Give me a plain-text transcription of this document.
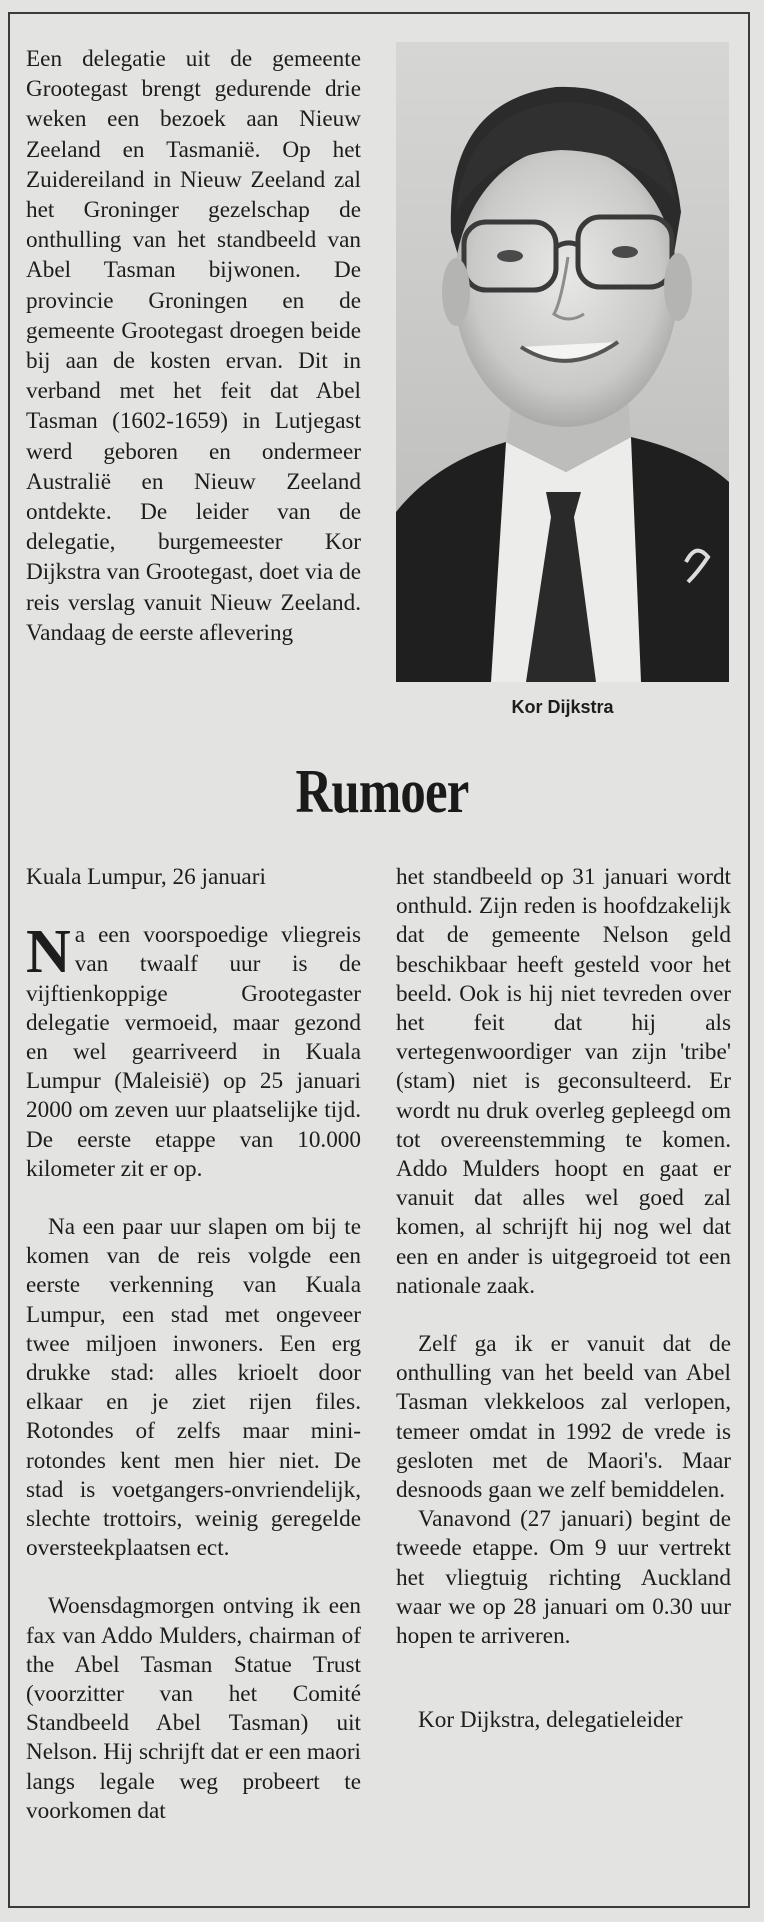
Een delegatie uit de gemeente Grootegast brengt gedurende drie weken een bezoek aan Nieuw Zeeland en Tasmanië. Op het Zuidereiland in Nieuw Zeeland zal het Groninger gezelschap de onthulling van het standbeeld van Abel Tasman bijwonen. De provincie Groningen en de gemeente Grootegast droegen beide bij aan de kosten ervan. Dit in verband met het feit dat Abel Tasman (1602-1659) in Lutjegast werd geboren en ondermeer Australië en Nieuw Zeeland ontdekte. De leider van de delegatie, burgemeester Kor Dijkstra van Grootegast, doet via de reis verslag vanuit Nieuw Zeeland. Vandaag de eerste aflevering

Kor Dijkstra
Rumoer

Kuala Lumpur, 26 januari

Na een voorspoedige vliegreis van twaalf uur is de vijftienkoppige Grootegaster delegatie vermoeid, maar gezond en wel gearriveerd in Kuala Lumpur (Maleisië) op 25 januari 2000 om zeven uur plaatselijke tijd. De eerste etappe van 10.000 kilometer zit er op.

Na een paar uur slapen om bij te komen van de reis volgde een eerste verkenning van Kuala Lumpur, een stad met ongeveer twee miljoen inwoners. Een erg drukke stad: alles krioelt door elkaar en je ziet rijen files. Rotondes of zelfs maar mini-rotondes kent men hier niet. De stad is voetgangers-onvriendelijk, slechte trottoirs, weinig geregelde oversteekplaatsen ect.

Woensdagmorgen ontving ik een fax van Addo Mulders, chairman of the Abel Tasman Statue Trust (voorzitter van het Comité Standbeeld Abel Tasman) uit Nelson. Hij schrijft dat er een maori langs legale weg probeert te voorkomen dat

het standbeeld op 31 januari wordt onthuld. Zijn reden is hoofdzakelijk dat de gemeente Nelson geld beschikbaar heeft gesteld voor het beeld. Ook is hij niet tevreden over het feit dat hij als vertegenwoordiger van zijn 'tribe' (stam) niet is geconsulteerd. Er wordt nu druk overleg gepleegd om tot overeenstemming te komen. Addo Mulders hoopt en gaat er vanuit dat alles wel goed zal komen, al schrijft hij nog wel dat een en ander is uitgegroeid tot een nationale zaak.

Zelf ga ik er vanuit dat de onthulling van het beeld van Abel Tasman vlekkeloos zal verlopen, temeer omdat in 1992 de vrede is gesloten met de Maori's. Maar desnoods gaan we zelf bemiddelen.

Vanavond (27 januari) begint de tweede etappe. Om 9 uur vertrekt het vliegtuig richting Auckland waar we op 28 januari om 0.30 uur hopen te arriveren.

Kor Dijkstra, delegatieleider
